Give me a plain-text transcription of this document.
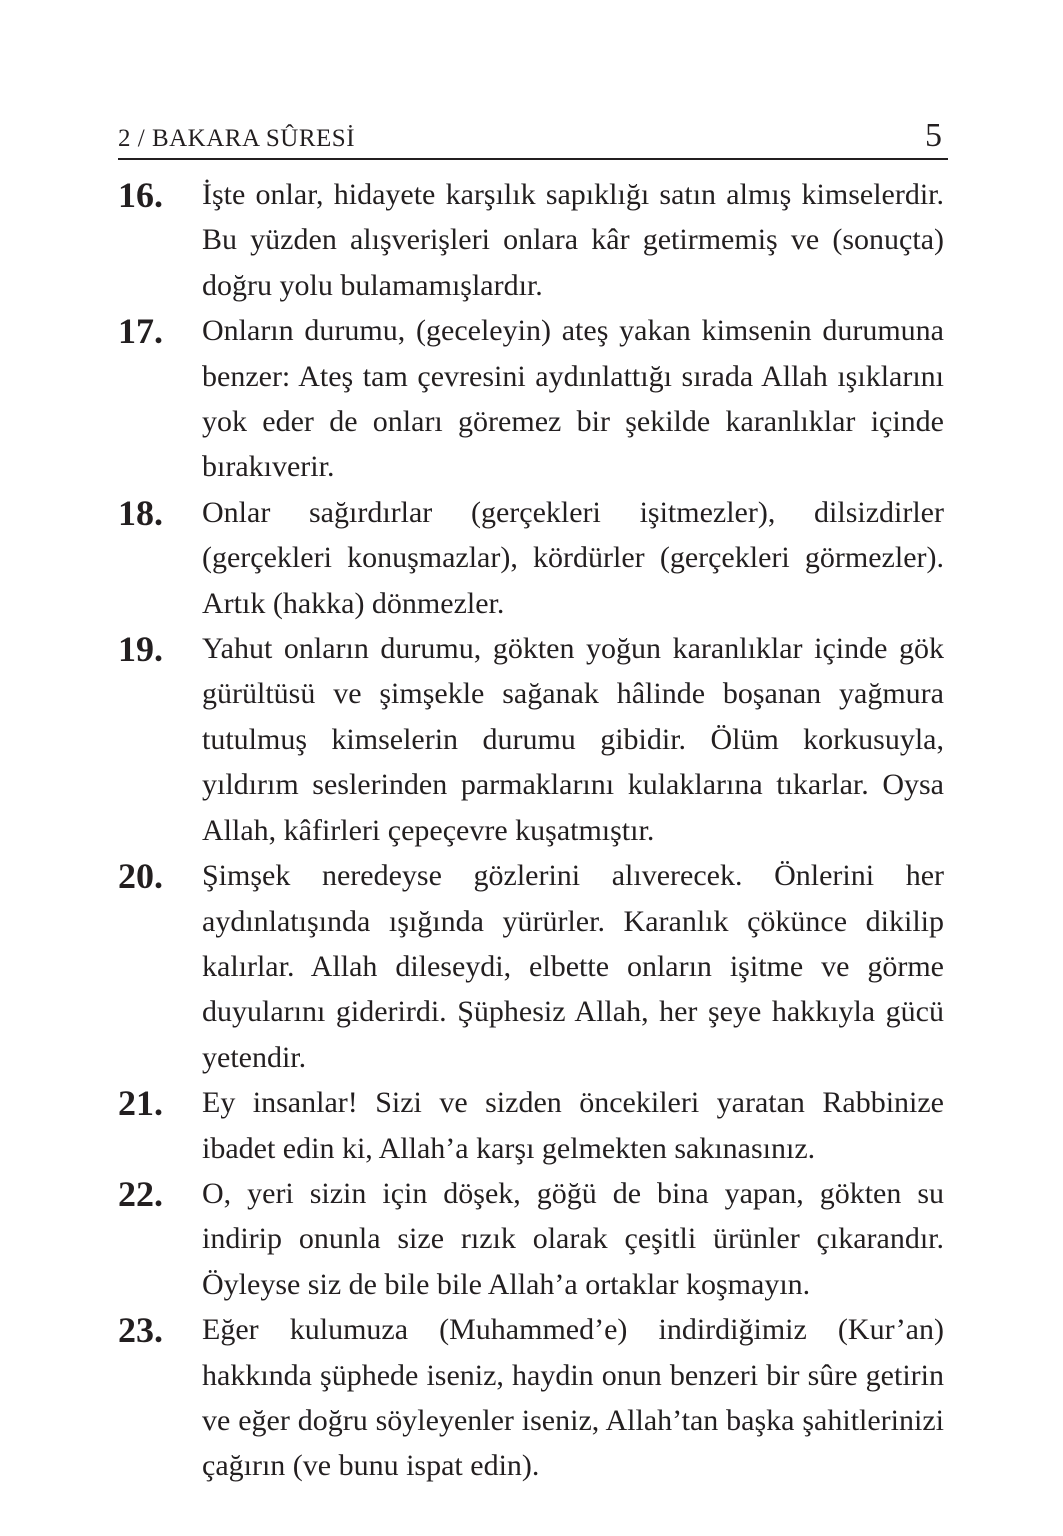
2 / BAKARA SÛRESİ	5
16.	İşte onlar, hidayete karşılık sapıklığı satın almış kimselerdir. Bu yüzden alışverişleri onlara kâr getirmemiş ve (sonuçta) doğru yolu bulamamışlardır.

17.	Onların durumu, (geceleyin) ateş yakan kimsenin durumuna benzer: Ateş tam çevresini aydınlattığı sırada Allah ışıklarını yok eder de onları göremez bir şekilde karanlıklar içinde bırakıverir.

18.	Onlar sağırdırlar (gerçekleri işitmezler), dilsizdirler (gerçekleri konuşmazlar), kördürler (gerçekleri görmezler). Artık (hakka) dönmezler.

19.	Yahut onların durumu, gökten yoğun karanlıklar içinde gök gürültüsü ve şimşekle sağanak hâlinde boşanan yağmura tutulmuş kimselerin durumu gibidir. Ölüm korkusuyla, yıldırım seslerinden parmaklarını kulaklarına tıkarlar. Oysa Allah, kâfirleri çepeçevre kuşatmıştır.

20.	Şimşek neredeyse gözlerini alıverecek. Önlerini her aydınlatışında ışığında yürürler. Karanlık çökünce dikilip kalırlar. Allah dileseydi, elbette onların işitme ve görme duyularını giderirdi. Şüphesiz Allah, her şeye hakkıyla gücü yetendir.

21.	Ey insanlar! Sizi ve sizden öncekileri yaratan Rabbinize ibadet edin ki, Allah’a karşı gelmekten sakınasınız.

22.	O, yeri sizin için döşek, göğü de bina yapan, gökten su indirip onunla size rızık olarak çeşitli ürünler çıkarandır. Öyleyse siz de bile bile Allah’a ortaklar koşmayın.

23.	Eğer kulumuza (Muhammed’e) indirdiğimiz (Kur’an) hakkında şüphede iseniz, haydin onun benzeri bir sûre getirin ve eğer doğru söyleyenler iseniz, Allah’tan başka şahitlerinizi çağırın (ve bunu ispat edin).
